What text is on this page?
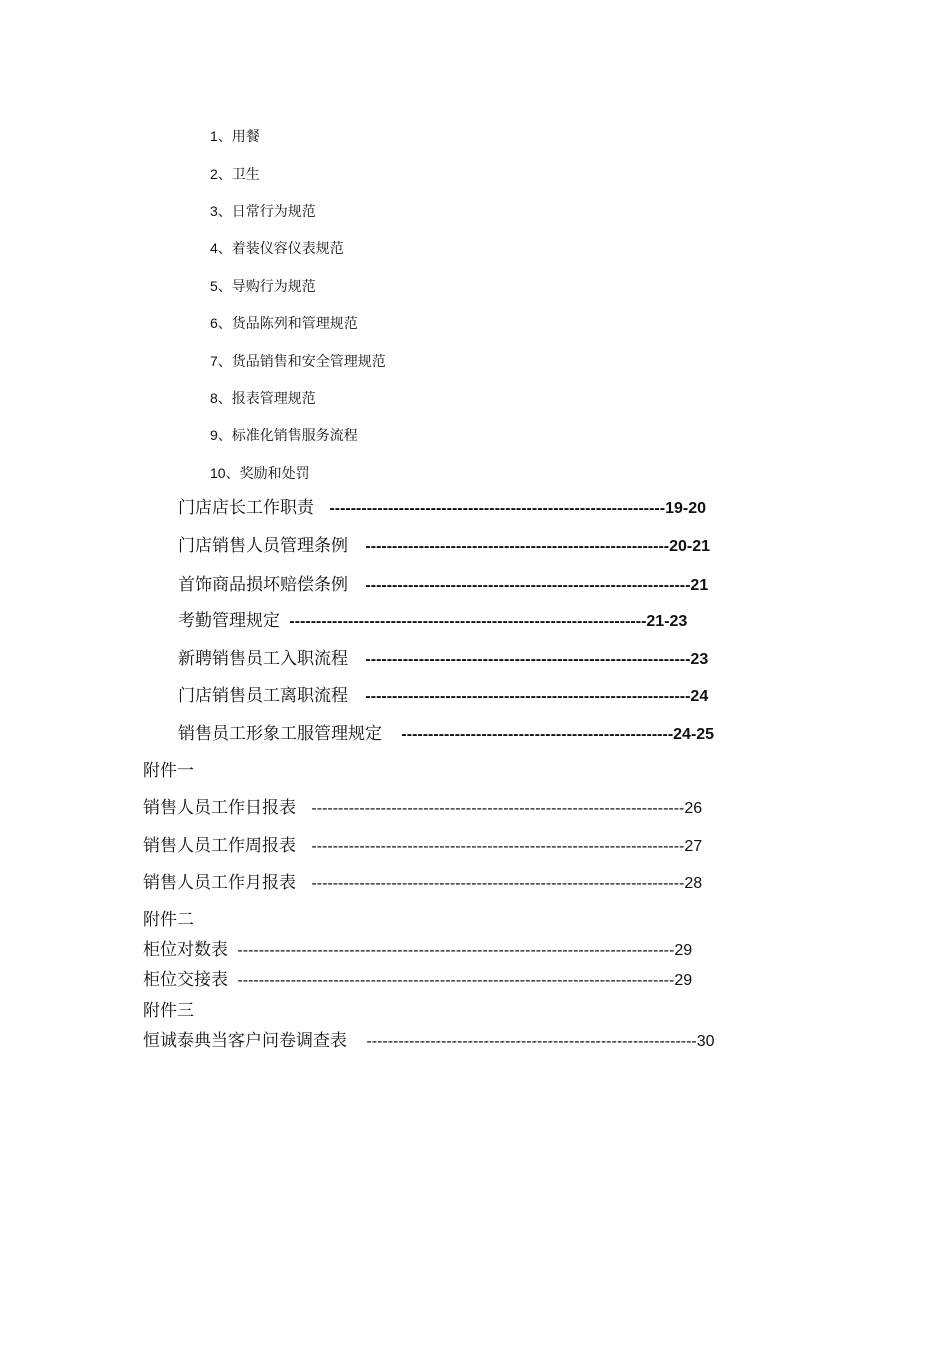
1、用餐
2、卫生
3、日常行为规范
4、着装仪容仪表规范
5、导购行为规范
6、货品陈列和管理规范
7、货品销售和安全管理规范
8、报表管理规范
9、标准化销售服务流程
10、奖励和处罚
门店店长工作职责 ---------------------------------------------------------------19-20
门店销售人员管理条例 ---------------------------------------------------------20-21
首饰商品损坏赔偿条例 -------------------------------------------------------------21
考勤管理规定 -------------------------------------------------------------------21-23
新聘销售员工入职流程 -------------------------------------------------------------23
门店销售员工离职流程 -------------------------------------------------------------24
销售员工形象工服管理规定 ---------------------------------------------------24-25
附件一
销售人员工作日报表 ----------------------------------------------------------------------26
销售人员工作周报表 ----------------------------------------------------------------------27
销售人员工作月报表 ----------------------------------------------------------------------28
附件二
柜位对数表 ----------------------------------------------------------------------------------29
柜位交接表 ----------------------------------------------------------------------------------29
附件三
恒诚泰典当客户问卷调查表 --------------------------------------------------------------30
